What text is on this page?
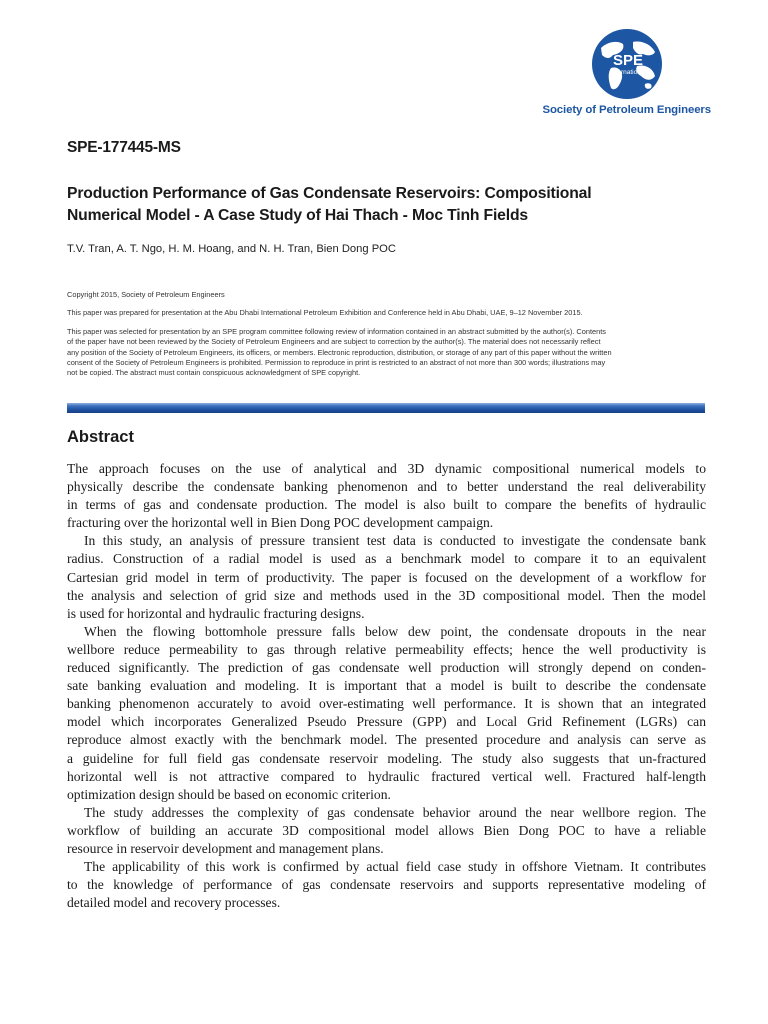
SPE
International
Society of Petroleum Engineers
SPE-177445-MS
Production Performance of Gas Condensate Reservoirs: Compositional
Numerical Model - A Case Study of Hai Thach - Moc Tinh Fields
T.V. Tran, A. T. Ngo, H. M. Hoang, and N. H. Tran, Bien Dong POC
Copyright 2015, Society of Petroleum Engineers
This paper was prepared for presentation at the Abu Dhabi International Petroleum Exhibition and Conference held in Abu Dhabi, UAE, 9–12 November 2015.
This paper was selected for presentation by an SPE program committee following review of information contained in an abstract submitted by the author(s). Contents
of the paper have not been reviewed by the Society of Petroleum Engineers and are subject to correction by the author(s). The material does not necessarily reflect
any position of the Society of Petroleum Engineers, its officers, or members. Electronic reproduction, distribution, or storage of any part of this paper without the written
consent of the Society of Petroleum Engineers is prohibited. Permission to reproduce in print is restricted to an abstract of not more than 300 words; illustrations may
not be copied. The abstract must contain conspicuous acknowledgment of SPE copyright.
Abstract
The approach focuses on the use of analytical and 3D dynamic compositional numerical models to
physically describe the condensate banking phenomenon and to better understand the real deliverability
in terms of gas and condensate production. The model is also built to compare the benefits of hydraulic
fracturing over the horizontal well in Bien Dong POC development campaign.
In this study, an analysis of pressure transient test data is conducted to investigate the condensate bank
radius. Construction of a radial model is used as a benchmark model to compare it to an equivalent
Cartesian grid model in term of productivity. The paper is focused on the development of a workflow for
the analysis and selection of grid size and methods used in the 3D compositional model. Then the model
is used for horizontal and hydraulic fracturing designs.
When the flowing bottomhole pressure falls below dew point, the condensate dropouts in the near
wellbore reduce permeability to gas through relative permeability effects; hence the well productivity is
reduced significantly. The prediction of gas condensate well production will strongly depend on conden-
sate banking evaluation and modeling. It is important that a model is built to describe the condensate
banking phenomenon accurately to avoid over-estimating well performance. It is shown that an integrated
model which incorporates Generalized Pseudo Pressure (GPP) and Local Grid Refinement (LGRs) can
reproduce almost exactly with the benchmark model. The presented procedure and analysis can serve as
a guideline for full field gas condensate reservoir modeling. The study also suggests that un-fractured
horizontal well is not attractive compared to hydraulic fractured vertical well. Fractured half-length
optimization design should be based on economic criterion.
The study addresses the complexity of gas condensate behavior around the near wellbore region. The
workflow of building an accurate 3D compositional model allows Bien Dong POC to have a reliable
resource in reservoir development and management plans.
The applicability of this work is confirmed by actual field case study in offshore Vietnam. It contributes
to the knowledge of performance of gas condensate reservoirs and supports representative modeling of
detailed model and recovery processes.
